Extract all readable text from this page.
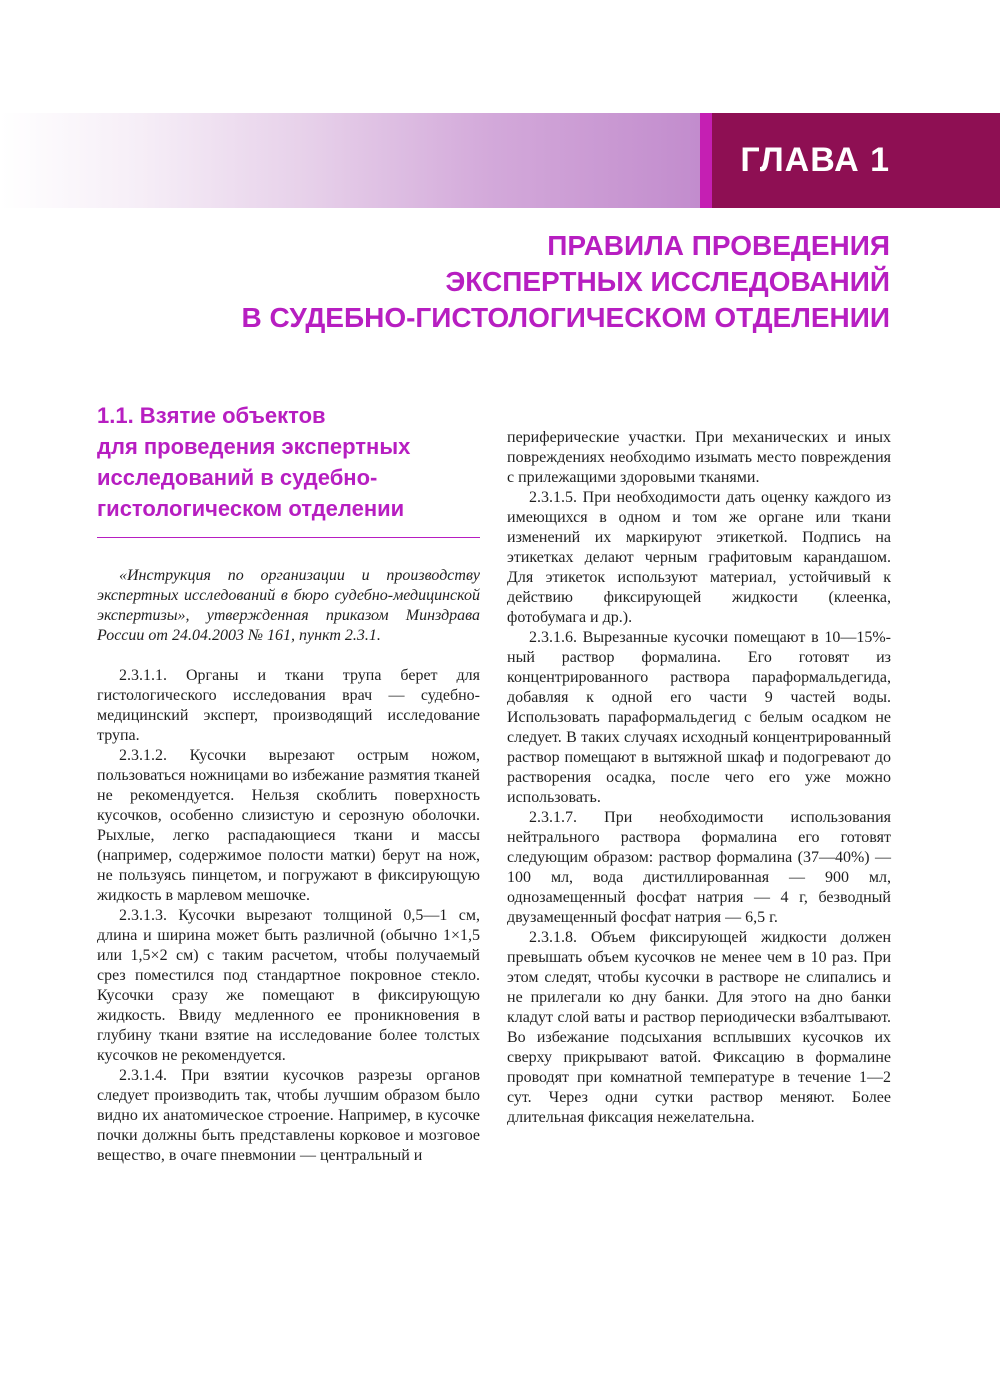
ГЛАВА 1
ПРАВИЛА ПРОВЕДЕНИЯ
ЭКСПЕРТНЫХ ИССЛЕДОВАНИЙ
В СУДЕБНО-ГИСТОЛОГИЧЕСКОМ ОТДЕЛЕНИИ
1.1. Взятие объектов
для проведения экспертных
исследований в судебно-
гистологическом отделении
«Инструкция по организации и производству экспертных исследований в бюро судебно-медицинской экспертизы», утвержденная приказом Минздрава России от 24.04.2003 № 161, пункт 2.3.1.

2.3.1.1. Органы и ткани трупа берет для гистологического исследования врач — судебно-медицинский эксперт, производящий исследование трупа.

2.3.1.2. Кусочки вырезают острым ножом, пользоваться ножницами во избежание размятия тканей не рекомендуется. Нельзя скоблить поверхность кусочков, особенно слизистую и серозную оболочки. Рыхлые, легко распадающиеся ткани и массы (например, содержимое полости матки) берут на нож, не пользуясь пинцетом, и погружают в фиксирующую жидкость в марлевом мешочке.

2.3.1.3. Кусочки вырезают толщиной 0,5—1 см, длина и ширина может быть различной (обычно 1×1,5 или 1,5×2 см) с таким расчетом, чтобы получаемый срез поместился под стандартное покровное стекло. Кусочки сразу же помещают в фиксирующую жидкость. Ввиду медленного ее проникновения в глубину ткани взятие на исследование более толстых кусочков не рекомендуется.

2.3.1.4. При взятии кусочков разрезы органов следует производить так, чтобы лучшим образом было видно их анатомическое строение. Например, в кусочке почки должны быть представлены корковое и мозговое вещество, в очаге пневмонии — центральный и

периферические участки. При механических и иных повреждениях необходимо изымать место повреждения с прилежащими здоровыми тканями.

2.3.1.5. При необходимости дать оценку каждого из имеющихся в одном и том же органе или ткани изменений их маркируют этикеткой. Подпись на этикетках делают черным графитовым карандашом. Для этикеток используют материал, устойчивый к действию фиксирующей жидкости (клеенка, фотобумага и др.).

2.3.1.6. Вырезанные кусочки помещают в 10—15%-ный раствор формалина. Его готовят из концентрированного раствора параформальдегида, добавляя к одной его части 9 частей воды. Использовать параформальдегид с белым осадком не следует. В таких случаях исходный концентрированный раствор помещают в вытяжной шкаф и подогревают до растворения осадка, после чего его уже можно использовать.

2.3.1.7. При необходимости использования нейтрального раствора формалина его готовят следующим образом: раствор формалина (37—40%) — 100 мл, вода дистиллированная — 900 мл, однозамещенный фосфат натрия — 4 г, безводный двузамещенный фосфат натрия — 6,5 г.

2.3.1.8. Объем фиксирующей жидкости должен превышать объем кусочков не менее чем в 10 раз. При этом следят, чтобы кусочки в растворе не слипались и не прилегали ко дну банки. Для этого на дно банки кладут слой ваты и раствор периодически взбалтывают. Во избежание подсыхания всплывших кусочков их сверху прикрывают ватой. Фиксацию в формалине проводят при комнатной температуре в течение 1—2 сут. Через одни сутки раствор меняют. Более длительная фиксация нежелательна.
